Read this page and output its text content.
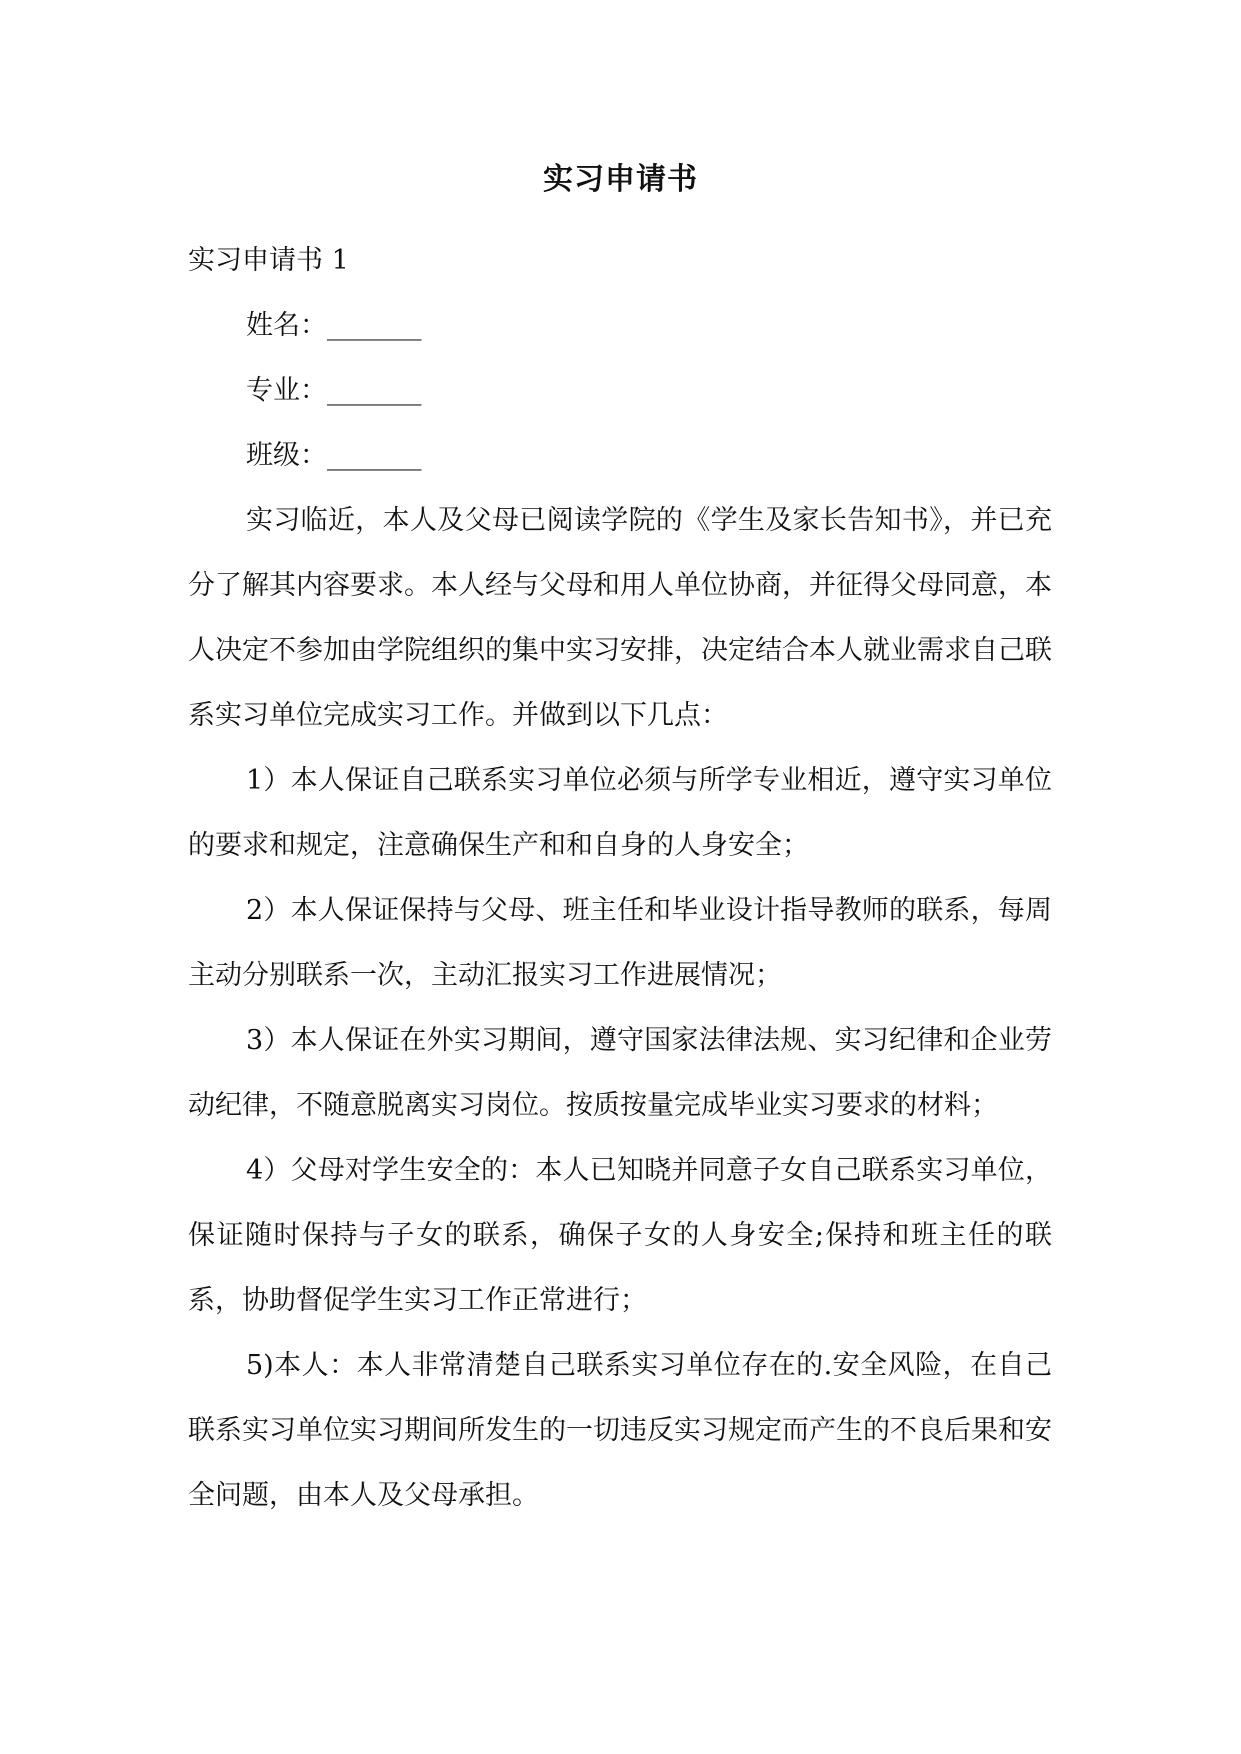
实习申请书

实习申请书 1

姓名：_______

专业：_______

班级：_______

实习临近，本人及父母已阅读学院的《学生及家长告知书》，并已充分了解其内容要求。本人经与父母和用人单位协商，并征得父母同意，本人决定不参加由学院组织的集中实习安排，决定结合本人就业需求自己联系实习单位完成实习工作。并做到以下几点：

1）本人保证自己联系实习单位必须与所学专业相近，遵守实习单位的要求和规定，注意确保生产和和自身的人身安全；

2）本人保证保持与父母、班主任和毕业设计指导教师的联系，每周主动分别联系一次，主动汇报实习工作进展情况；

3）本人保证在外实习期间，遵守国家法律法规、实习纪律和企业劳动纪律，不随意脱离实习岗位。按质按量完成毕业实习要求的材料；

4）父母对学生安全的：本人已知晓并同意子女自己联系实习单位，保证随时保持与子女的联系，确保子女的人身安全;保持和班主任的联系，协助督促学生实习工作正常进行；

5)本人：本人非常清楚自己联系实习单位存在的.安全风险，在自己联系实习单位实习期间所发生的一切违反实习规定而产生的不良后果和安全问题，由本人及父母承担。
